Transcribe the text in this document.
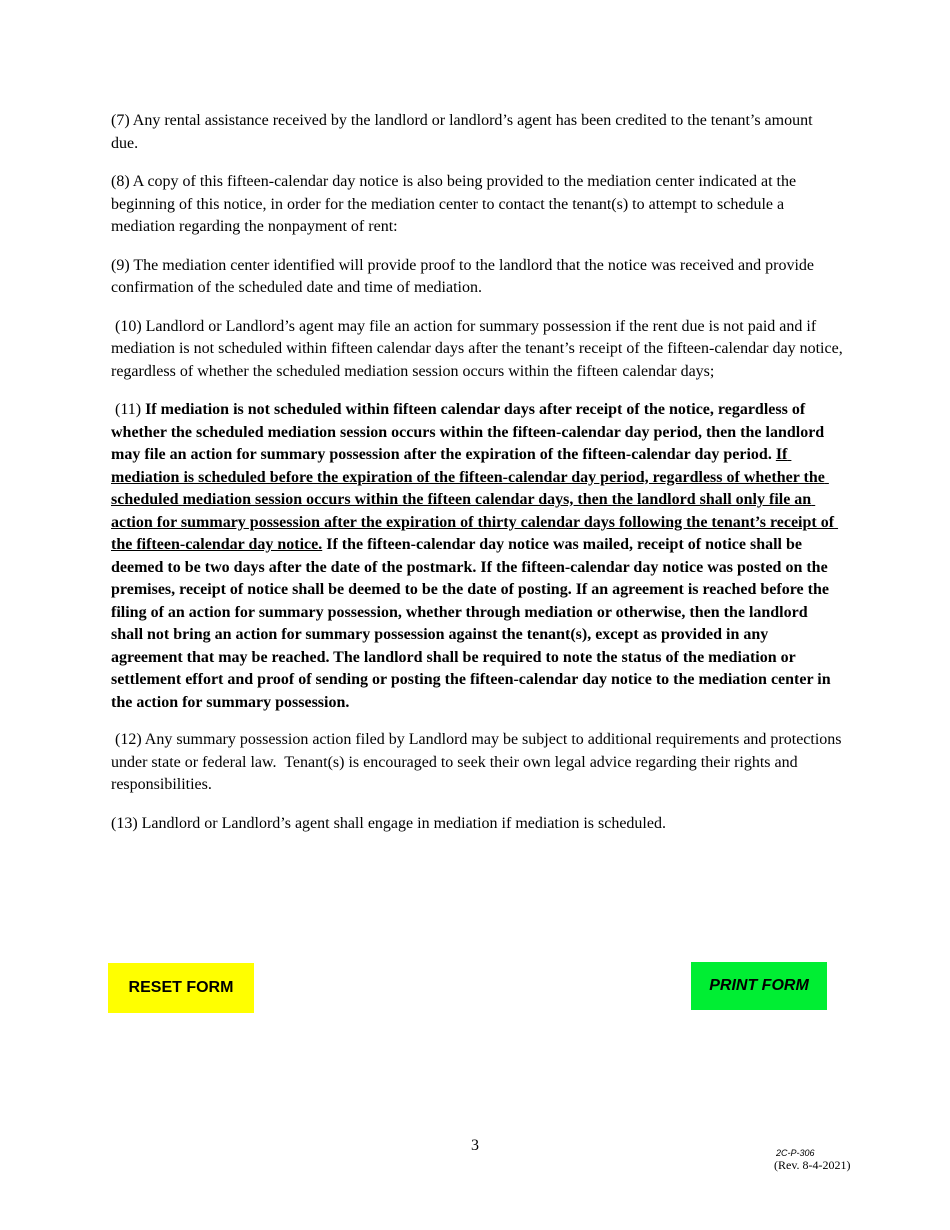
(7) Any rental assistance received by the landlord or landlord’s agent has been credited to the tenant’s amount due.

(8) A copy of this fifteen-calendar day notice is also being provided to the mediation center indicated at the beginning of this notice, in order for the mediation center to contact the tenant(s) to attempt to schedule a mediation regarding the nonpayment of rent:

(9) The mediation center identified will provide proof to the landlord that the notice was received and provide confirmation of the scheduled date and time of mediation.

(10) Landlord or Landlord’s agent may file an action for summary possession if the rent due is not paid and if mediation is not scheduled within fifteen calendar days after the tenant’s receipt of the fifteen-calendar day notice, regardless of whether the scheduled mediation session occurs within the fifteen calendar days;

(11) If mediation is not scheduled within fifteen calendar days after receipt of the notice, regardless of whether the scheduled mediation session occurs within the fifteen-calendar day period, then the landlord may file an action for summary possession after the expiration of the fifteen-calendar day period. If mediation is scheduled before the expiration of the fifteen-calendar day period, regardless of whether the scheduled mediation session occurs within the fifteen calendar days, then the landlord shall only file an action for summary possession after the expiration of thirty calendar days following the tenant’s receipt of the fifteen-calendar day notice. If the fifteen-calendar day notice was mailed, receipt of notice shall be deemed to be two days after the date of the postmark. If the fifteen-calendar day notice was posted on the premises, receipt of notice shall be deemed to be the date of posting. If an agreement is reached before the filing of an action for summary possession, whether through mediation or otherwise, then the landlord shall not bring an action for summary possession against the tenant(s), except as provided in any agreement that may be reached. The landlord shall be required to note the status of the mediation or settlement effort and proof of sending or posting the fifteen-calendar day notice to the mediation center in the action for summary possession.

(12) Any summary possession action filed by Landlord may be subject to additional requirements and protections under state or federal law.  Tenant(s) is encouraged to seek their own legal advice regarding their rights and responsibilities.

(13) Landlord or Landlord’s agent shall engage in mediation if mediation is scheduled.

RESET FORM	PRINT FORM
3	2C-P-306
(Rev. 8-4-2021)
